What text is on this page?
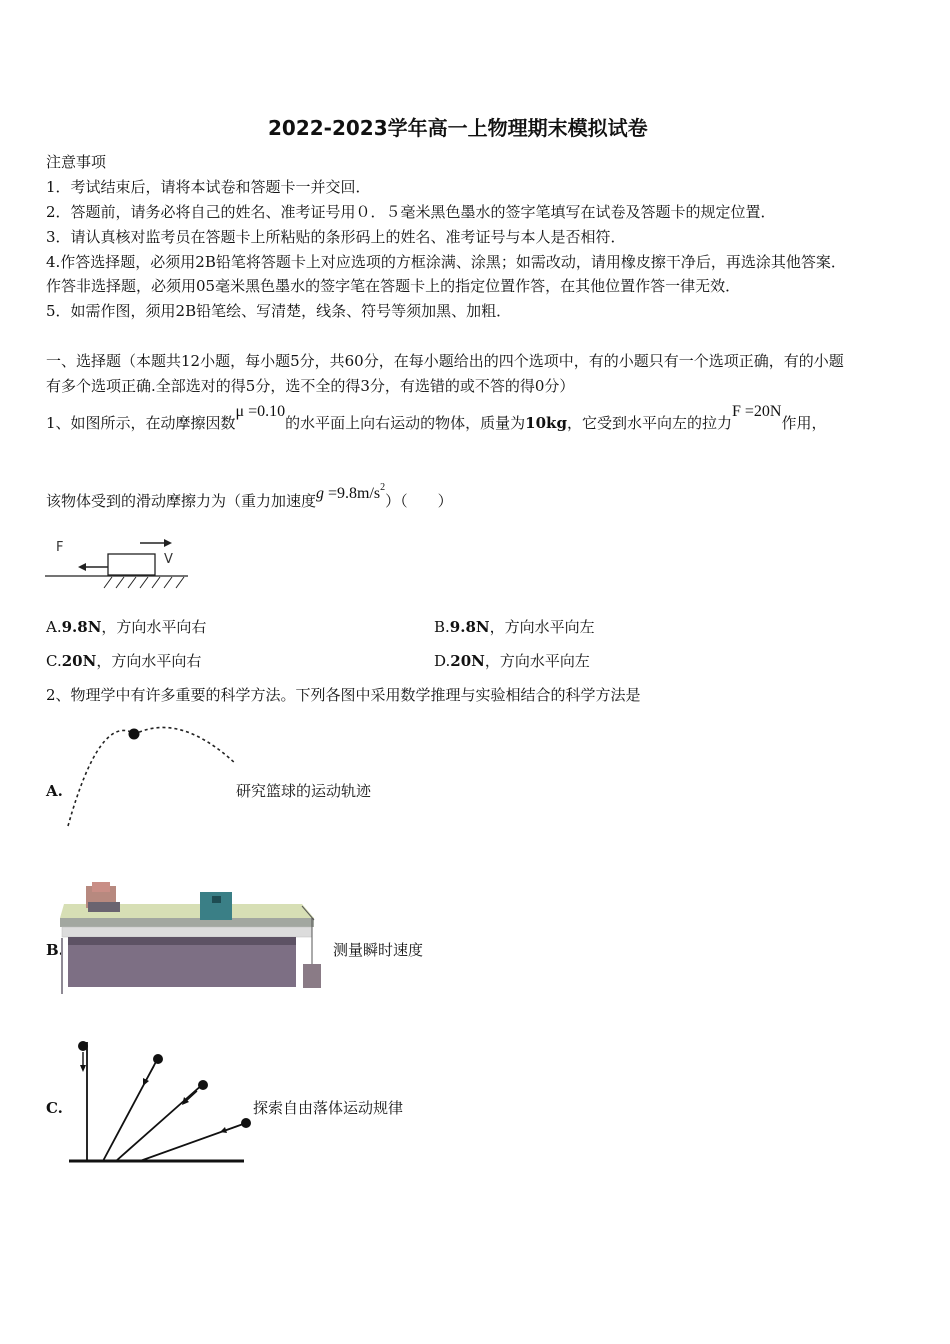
2022-2023学年高一上物理期末模拟试卷
注意事项
1．考试结束后，请将本试卷和答题卡一并交回．
2．答题前，请务必将自己的姓名、准考证号用０．５毫米黑色墨水的签字笔填写在试卷及答题卡的规定位置．
3．请认真核对监考员在答题卡上所粘贴的条形码上的姓名、准考证号与本人是否相符．
4.作答选择题，必须用2B铅笔将答题卡上对应选项的方框涂满、涂黑；如需改动，请用橡皮擦干净后，再选涂其他答案．
作答非选择题，必须用05毫米黑色墨水的签字笔在答题卡上的指定位置作答，在其他位置作答一律无效．
5．如需作图，须用2B铅笔绘、写清楚，线条、符号等须加黑、加粗．
一、选择题（本题共12小题，每小题5分，共60分，在每小题给出的四个选项中，有的小题只有一个选项正确，有的小题
有多个选项正确.全部选对的得5分，选不全的得3分，有选错的或不答的得0分）
1、如图所示，在动摩擦因数μ =0.10的水平面上向右运动的物体，质量为10kg，它受到水平向左的拉力F =20N作用，
该物体受到的滑动摩擦力为（重力加速度$g =9.8m/s^2$）（　　）
F
V
A.9.8N，方向水平向右	B.9.8N，方向水平向左
C.20N，方向水平向右	D.20N，方向水平向左
2、物理学中有许多重要的科学方法。下列各图中采用数学推理与实验相结合的科学方法是
A.	研究篮球的运动轨迹
B.	测量瞬时速度
C.	探索自由落体运动规律
